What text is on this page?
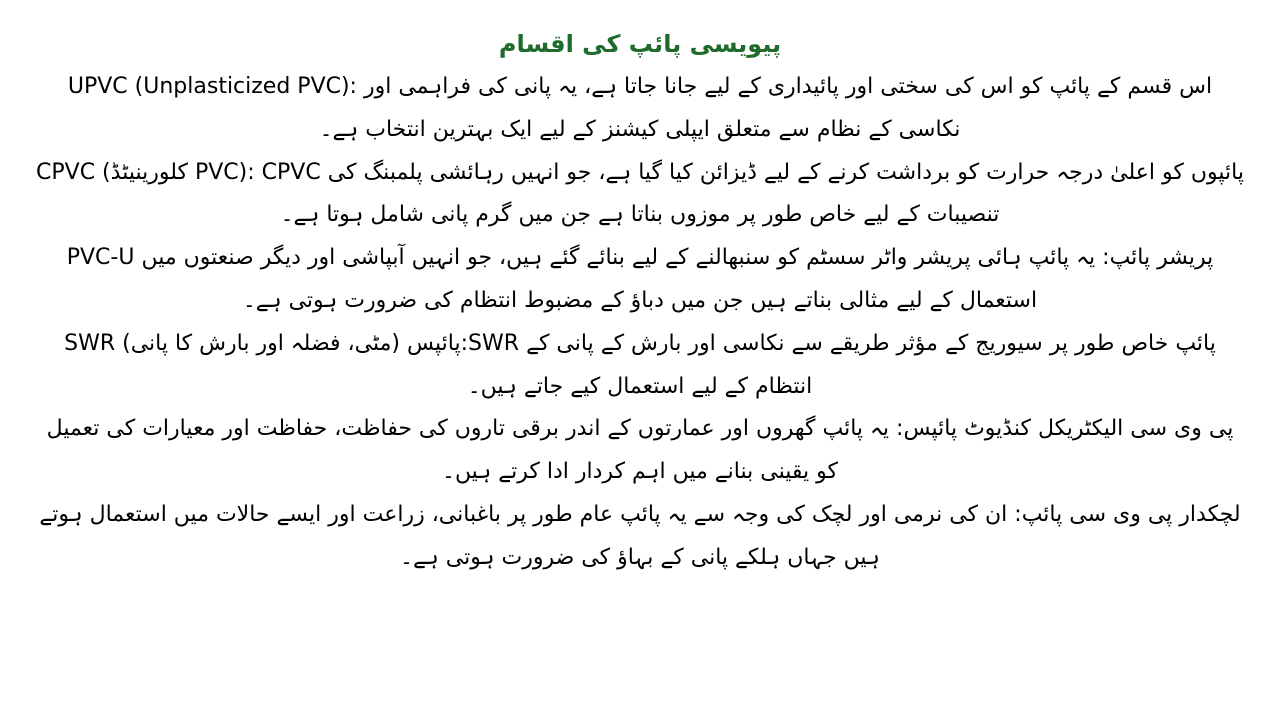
پیویسی پائپ کی اقسام

UPVC (Unplasticized PVC): اس قسم کے پائپ کو اس کی سختی اور پائیداری کے لیے جانا جاتا ہے، یہ پانی کی فراہمی اور نکاسی کے نظام سے متعلق ایپلی کیشنز کے لیے ایک بہترین انتخاب ہے۔

CPVC (کلورینیٹڈ PVC): CPVC پائپوں کو اعلیٰ درجہ حرارت کو برداشت کرنے کے لیے ڈیزائن کیا گیا ہے، جو انہیں رہائشی پلمبنگ کی تنصیبات کے لیے خاص طور پر موزوں بناتا ہے جن میں گرم پانی شامل ہوتا ہے۔

PVC-U پریشر پائپ: یہ پائپ ہائی پریشر واٹر سسٹم کو سنبھالنے کے لیے بنائے گئے ہیں، جو انہیں آبپاشی اور دیگر صنعتوں میں استعمال کے لیے مثالی بناتے ہیں جن میں دباؤ کے مضبوط انتظام کی ضرورت ہوتی ہے۔

SWR پائپس (مٹی، فضلہ اور بارش کا پانی):SWR پائپ خاص طور پر سیوریج کے مؤثر طریقے سے نکاسی اور بارش کے پانی کے انتظام کے لیے استعمال کیے جاتے ہیں۔

پی وی سی الیکٹریکل کنڈیوٹ پائپس: یہ پائپ گھروں اور عمارتوں کے اندر برقی تاروں کی حفاظت، حفاظت اور معیارات کی تعمیل کو یقینی بنانے میں اہم کردار ادا کرتے ہیں۔

لچکدار پی وی سی پائپ: ان کی نرمی اور لچک کی وجہ سے یہ پائپ عام طور پر باغبانی، زراعت اور ایسے حالات میں استعمال ہوتے ہیں جہاں ہلکے پانی کے بہاؤ کی ضرورت ہوتی ہے۔
